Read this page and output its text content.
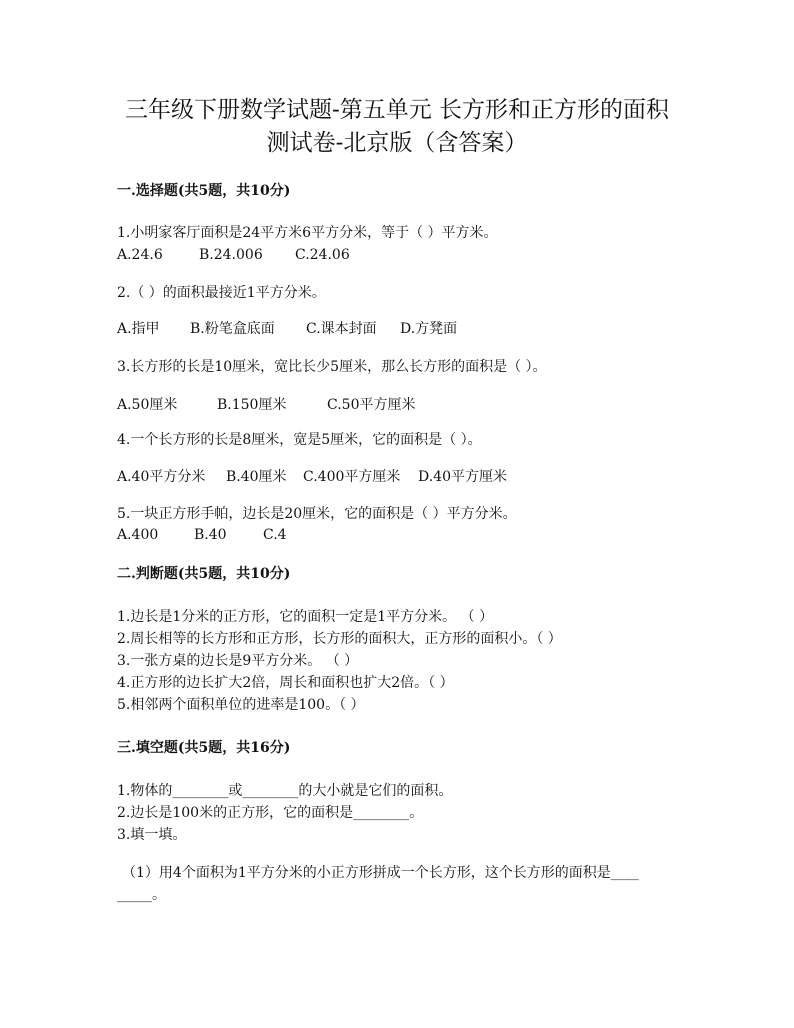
三年级下册数学试题-第五单元 长方形和正方形的面积
测试卷-北京版（含答案）
一.选择题(共5题，共10分)
1.小明家客厅面积是24平方米6平方分米，等于（ ）平方米。
A.24.6	B.24.006 C.24.06
2.（ ）的面积最接近1平方分米。
A.指甲 B.粉笔盒底面 C.课本封面 D.方凳面
3.长方形的长是10厘米，宽比长少5厘米，那么长方形的面积是（ ）。
A.50厘米	B.150厘米	C.50平方厘米
4.一个长方形的长是8厘米，宽是5厘米，它的面积是（ ）。
A.40平方分米 B.40厘米 C.400平方厘米 D.40平方厘米
5.一块正方形手帕，边长是20厘米，它的面积是（ ）平方分米。
A.400	B.40	C.4
二.判断题(共5题，共10分)
1.边长是1分米的正方形，它的面积一定是1平方分米。 （ ）
2.周长相等的长方形和正方形，长方形的面积大，正方形的面积小。（ ）
3.一张方桌的边长是9平方分米。 （ ）
4.正方形的边长扩大2倍，周长和面积也扩大2倍。（ ）
5.相邻两个面积单位的进率是100。（ ）
三.填空题(共5题，共16分)
1.物体的________或________的大小就是它们的面积。
2.边长是100米的正方形，它的面积是________。
3.填一填。
（1）用4个面积为1平方分米的小正方形拼成一个长方形，这个长方形的面积是____
_____。
